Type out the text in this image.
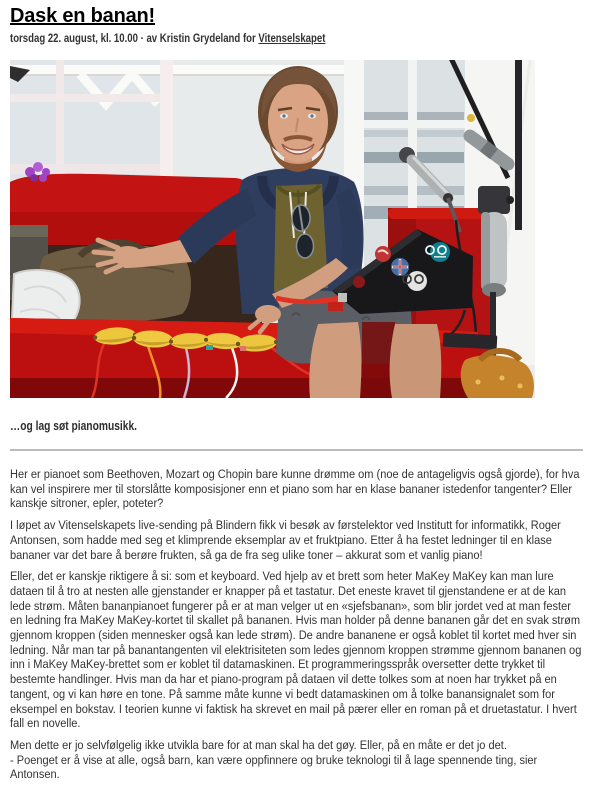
Dask en banan!
torsdag 22. august, kl. 10.00 · av Kristin Grydeland for Vitenselskapet

…og lag søt pianomusikk.

Her er pianoet som Beethoven, Mozart og Chopin bare kunne drømme om (noe de antageligvis også gjorde), for hva kan vel inspirere mer til storslåtte komposisjoner enn et piano som har en klase bananer istedenfor tangenter? Eller kanskje sitroner, epler, poteter?

I løpet av Vitenselskapets live-sending på Blindern fikk vi besøk av førstelektor ved Institutt for informatikk, Roger Antonsen, som hadde med seg et klimprende eksemplar av et fruktpiano. Etter å ha festet ledninger til en klase bananer var det bare å berøre frukten, så ga de fra seg ulike toner – akkurat som et vanlig piano!

Eller, det er kanskje riktigere å si: som et keyboard. Ved hjelp av et brett som heter MaKey MaKey kan man lure dataen til å tro at nesten alle gjenstander er knapper på et tastatur. Det eneste kravet til gjenstandene er at de kan lede strøm. Måten bananpianoet fungerer på er at man velger ut en «sjefsbanan», som blir jordet ved at man fester en ledning fra MaKey MaKey-kortet til skallet på bananen. Hvis man holder på denne bananen går det en svak strøm gjennom kroppen (siden mennesker også kan lede strøm). De andre bananene er også koblet til kortet med hver sin ledning. Når man tar på banantangenten vil elektrisiteten som ledes gjennom kroppen strømme gjennom bananen og inn i MaKey MaKey-brettet som er koblet til datamaskinen. Et programmeringsspråk oversetter dette trykket til bestemte handlinger. Hvis man da har et piano-program på dataen vil dette tolkes som at noen har trykket på en tangent, og vi kan høre en tone. På samme måte kunne vi bedt datamaskinen om å tolke banansignalet som for eksempel en bokstav. I teorien kunne vi faktisk ha skrevet en mail på pærer eller en roman på et druetastatur. I hvert fall en novelle.

Men dette er jo selvfølgelig ikke utvikla bare for at man skal ha det gøy. Eller, på en måte er det jo det.
- Poenget er å vise at alle, også barn, kan være oppfinnere og bruke teknologi til å lage spennende ting, sier Antonsen.
